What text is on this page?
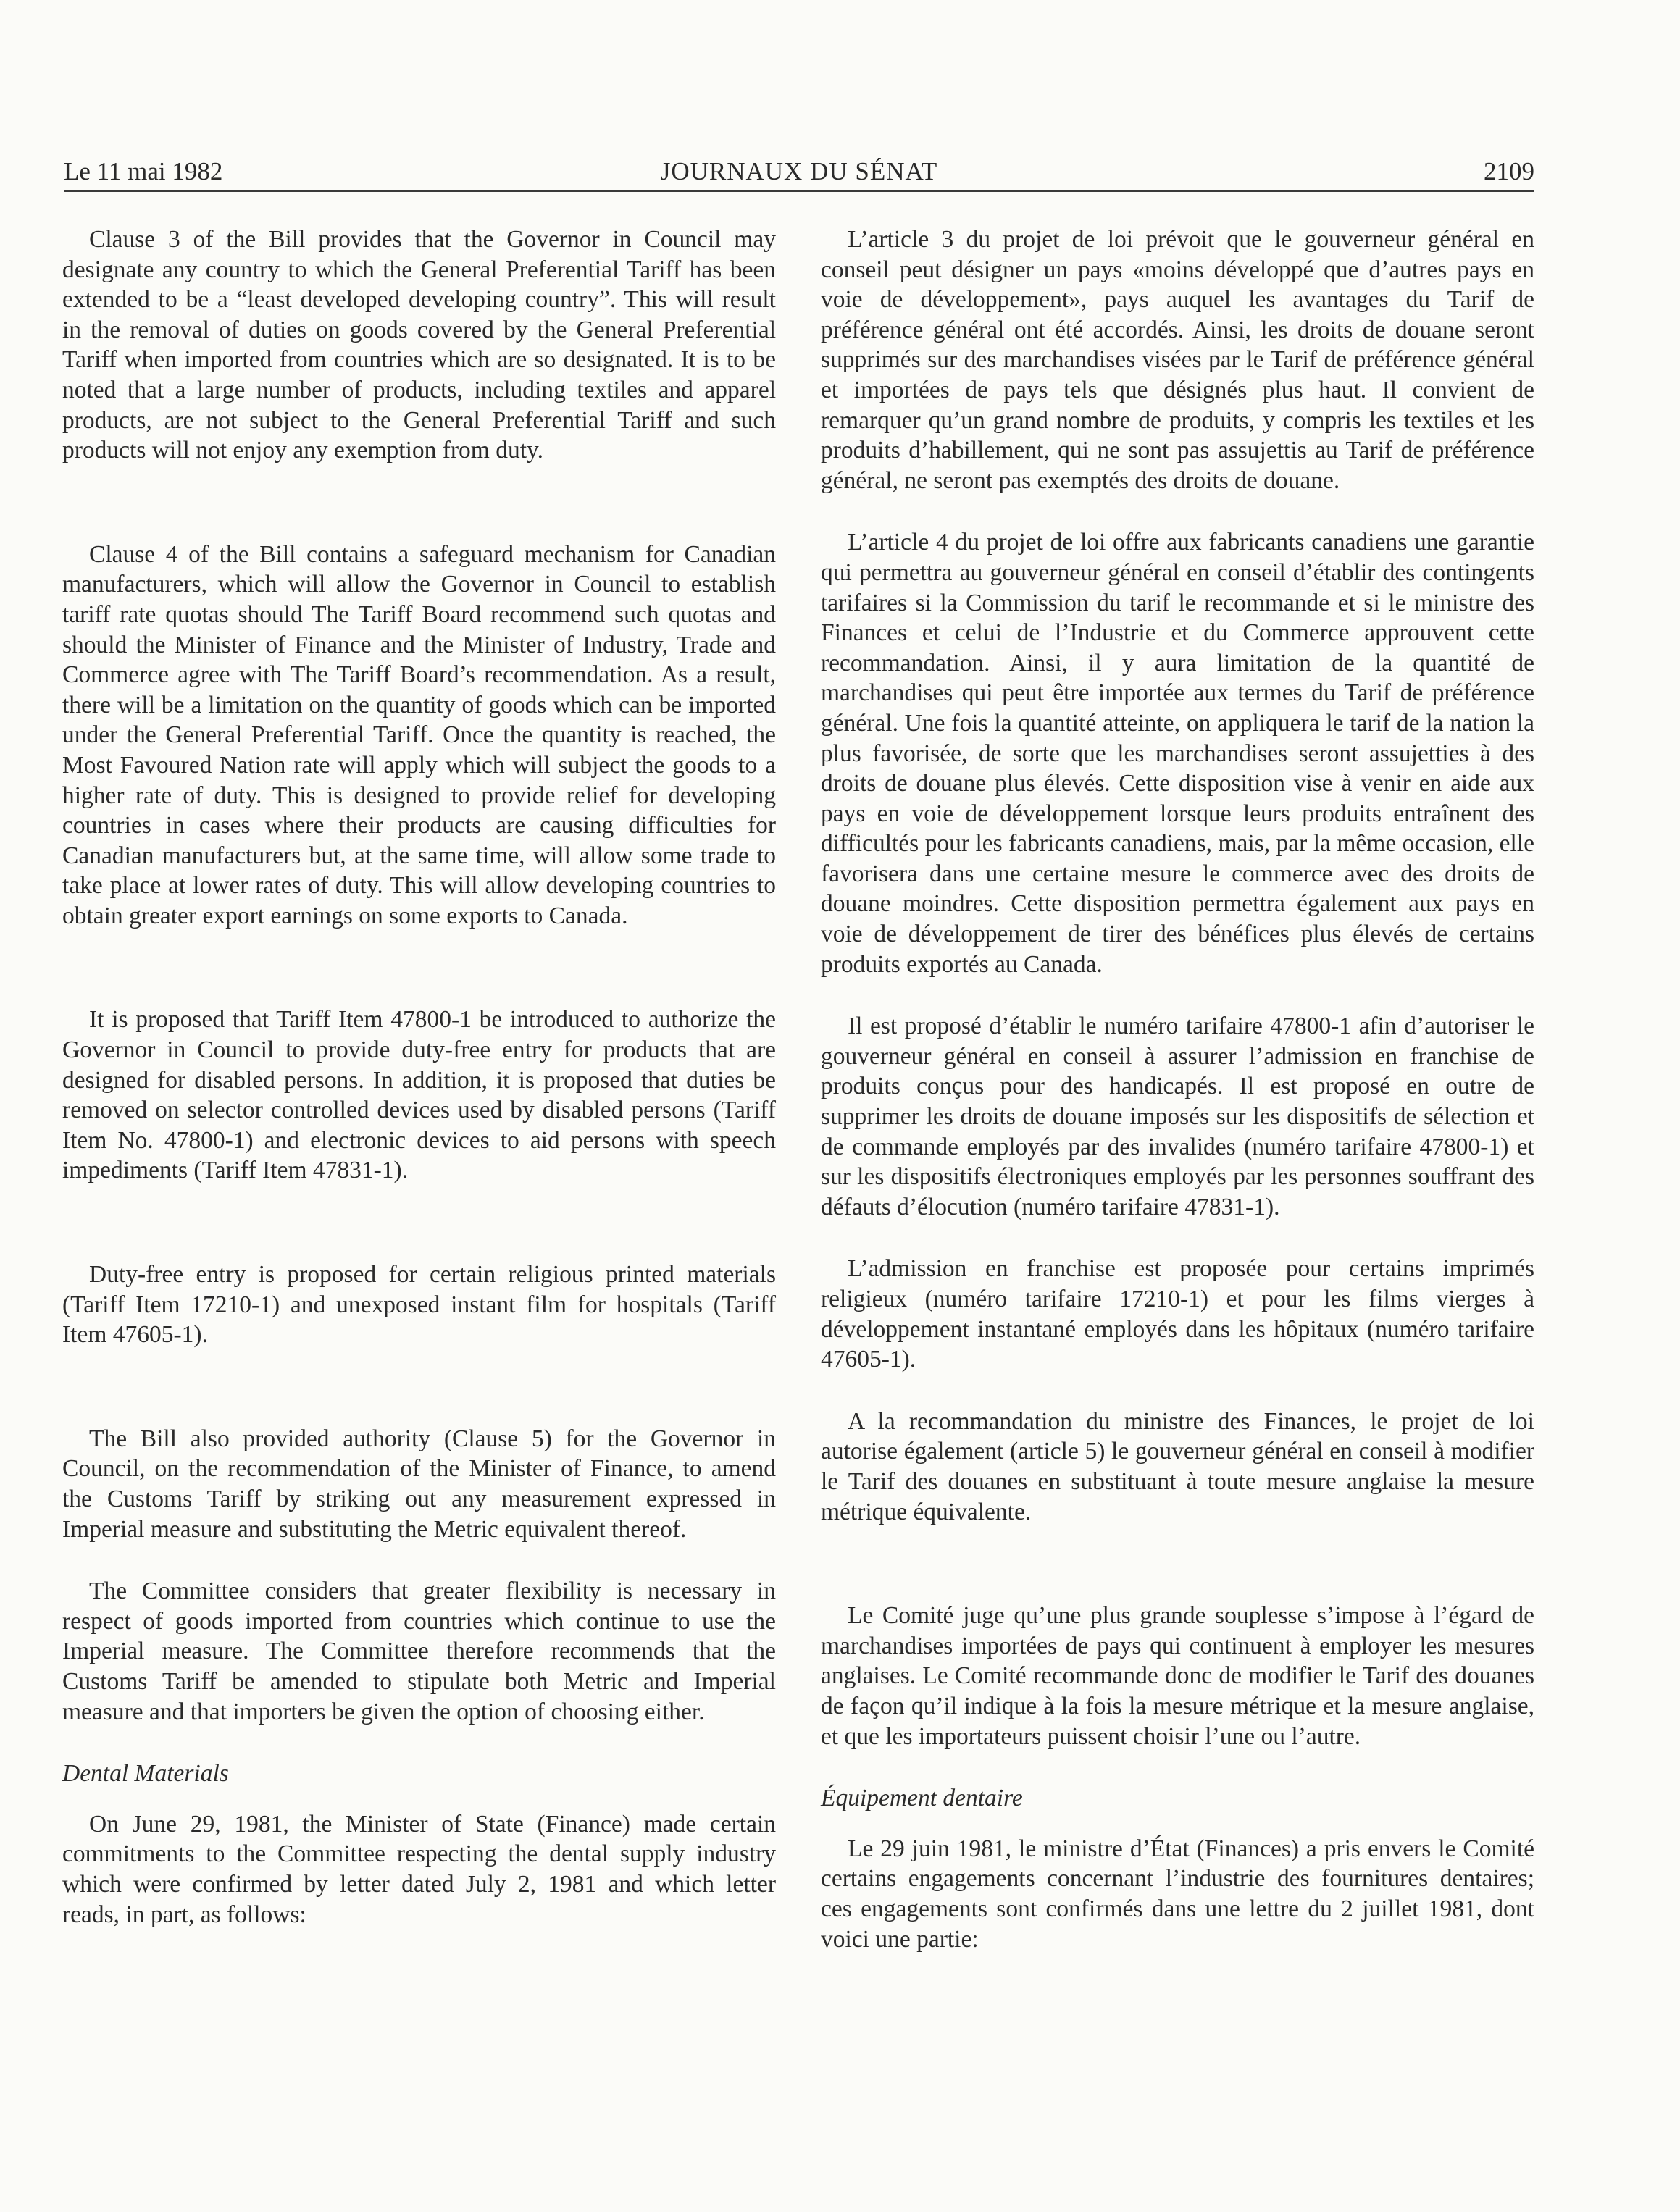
Le 11 mai 1982	JOURNAUX DU SÉNAT	2109

Clause 3 of the Bill provides that the Governor in Council may designate any country to which the General Preferential Tariff has been extended to be a “least developed developing country”. This will result in the removal of duties on goods covered by the General Preferential Tariff when imported from countries which are so designated. It is to be noted that a large number of products, including textiles and apparel products, are not subject to the General Preferential Tariff and such products will not enjoy any exemption from duty.

Clause 4 of the Bill contains a safeguard mechanism for Canadian manufacturers, which will allow the Governor in Council to establish tariff rate quotas should The Tariff Board recommend such quotas and should the Minister of Finance and the Minister of Industry, Trade and Commerce agree with The Tariff Board’s recommendation. As a result, there will be a limitation on the quantity of goods which can be imported under the General Preferential Tariff. Once the quantity is reached, the Most Favoured Nation rate will apply which will subject the goods to a higher rate of duty. This is designed to provide relief for developing countries in cases where their products are causing difficulties for Canadian manufacturers but, at the same time, will allow some trade to take place at lower rates of duty. This will allow developing countries to obtain greater export earnings on some exports to Canada.

It is proposed that Tariff Item 47800-1 be introduced to authorize the Governor in Council to provide duty-free entry for products that are designed for disabled persons. In addition, it is proposed that duties be removed on selector controlled devices used by disabled persons (Tariff Item No. 47800-1) and electronic devices to aid persons with speech impediments (Tariff Item 47831-1).

Duty-free entry is proposed for certain religious printed materials (Tariff Item 17210-1) and unexposed instant film for hospitals (Tariff Item 47605-1).

The Bill also provided authority (Clause 5) for the Governor in Council, on the recommendation of the Minister of Finance, to amend the Customs Tariff by striking out any measurement expressed in Imperial measure and substituting the Metric equivalent thereof.

The Committee considers that greater flexibility is necessary in respect of goods imported from countries which continue to use the Imperial measure. The Committee therefore recommends that the Customs Tariff be amended to stipulate both Metric and Imperial measure and that importers be given the option of choosing either.

Dental Materials

On June 29, 1981, the Minister of State (Finance) made certain commitments to the Committee respecting the dental supply industry which were confirmed by letter dated July 2, 1981 and which letter reads, in part, as follows:

L’article 3 du projet de loi prévoit que le gouverneur général en conseil peut désigner un pays «moins développé que d’autres pays en voie de développement», pays auquel les avantages du Tarif de préférence général ont été accordés. Ainsi, les droits de douane seront supprimés sur des marchandises visées par le Tarif de préférence général et importées de pays tels que désignés plus haut. Il convient de remarquer qu’un grand nombre de produits, y compris les textiles et les produits d’habillement, qui ne sont pas assujettis au Tarif de préférence général, ne seront pas exemptés des droits de douane.

L’article 4 du projet de loi offre aux fabricants canadiens une garantie qui permettra au gouverneur général en conseil d’établir des contingents tarifaires si la Commission du tarif le recommande et si le ministre des Finances et celui de l’Industrie et du Commerce approuvent cette recommandation. Ainsi, il y aura limitation de la quantité de marchandises qui peut être importée aux termes du Tarif de préférence général. Une fois la quantité atteinte, on appliquera le tarif de la nation la plus favorisée, de sorte que les marchandises seront assujetties à des droits de douane plus élevés. Cette disposition vise à venir en aide aux pays en voie de développement lorsque leurs produits entraînent des difficultés pour les fabricants canadiens, mais, par la même occasion, elle favorisera dans une certaine mesure le commerce avec des droits de douane moindres. Cette disposition permettra également aux pays en voie de développement de tirer des bénéfices plus élevés de certains produits exportés au Canada.

Il est proposé d’établir le numéro tarifaire 47800-1 afin d’autoriser le gouverneur général en conseil à assurer l’admission en franchise de produits conçus pour des handicapés. Il est proposé en outre de supprimer les droits de douane imposés sur les dispositifs de sélection et de commande employés par des invalides (numéro tarifaire 47800-1) et sur les dispositifs électroniques employés par les personnes souffrant des défauts d’élocution (numéro tarifaire 47831-1).

L’admission en franchise est proposée pour certains imprimés religieux (numéro tarifaire 17210-1) et pour les films vierges à développement instantané employés dans les hôpitaux (numéro tarifaire 47605-1).

A la recommandation du ministre des Finances, le projet de loi autorise également (article 5) le gouverneur général en conseil à modifier le Tarif des douanes en substituant à toute mesure anglaise la mesure métrique équivalente.

Le Comité juge qu’une plus grande souplesse s’impose à l’égard de marchandises importées de pays qui continuent à employer les mesures anglaises. Le Comité recommande donc de modifier le Tarif des douanes de façon qu’il indique à la fois la mesure métrique et la mesure anglaise, et que les importateurs puissent choisir l’une ou l’autre.

Équipement dentaire

Le 29 juin 1981, le ministre d’État (Finances) a pris envers le Comité certains engagements concernant l’industrie des fournitures dentaires; ces engagements sont confirmés dans une lettre du 2 juillet 1981, dont voici une partie:
